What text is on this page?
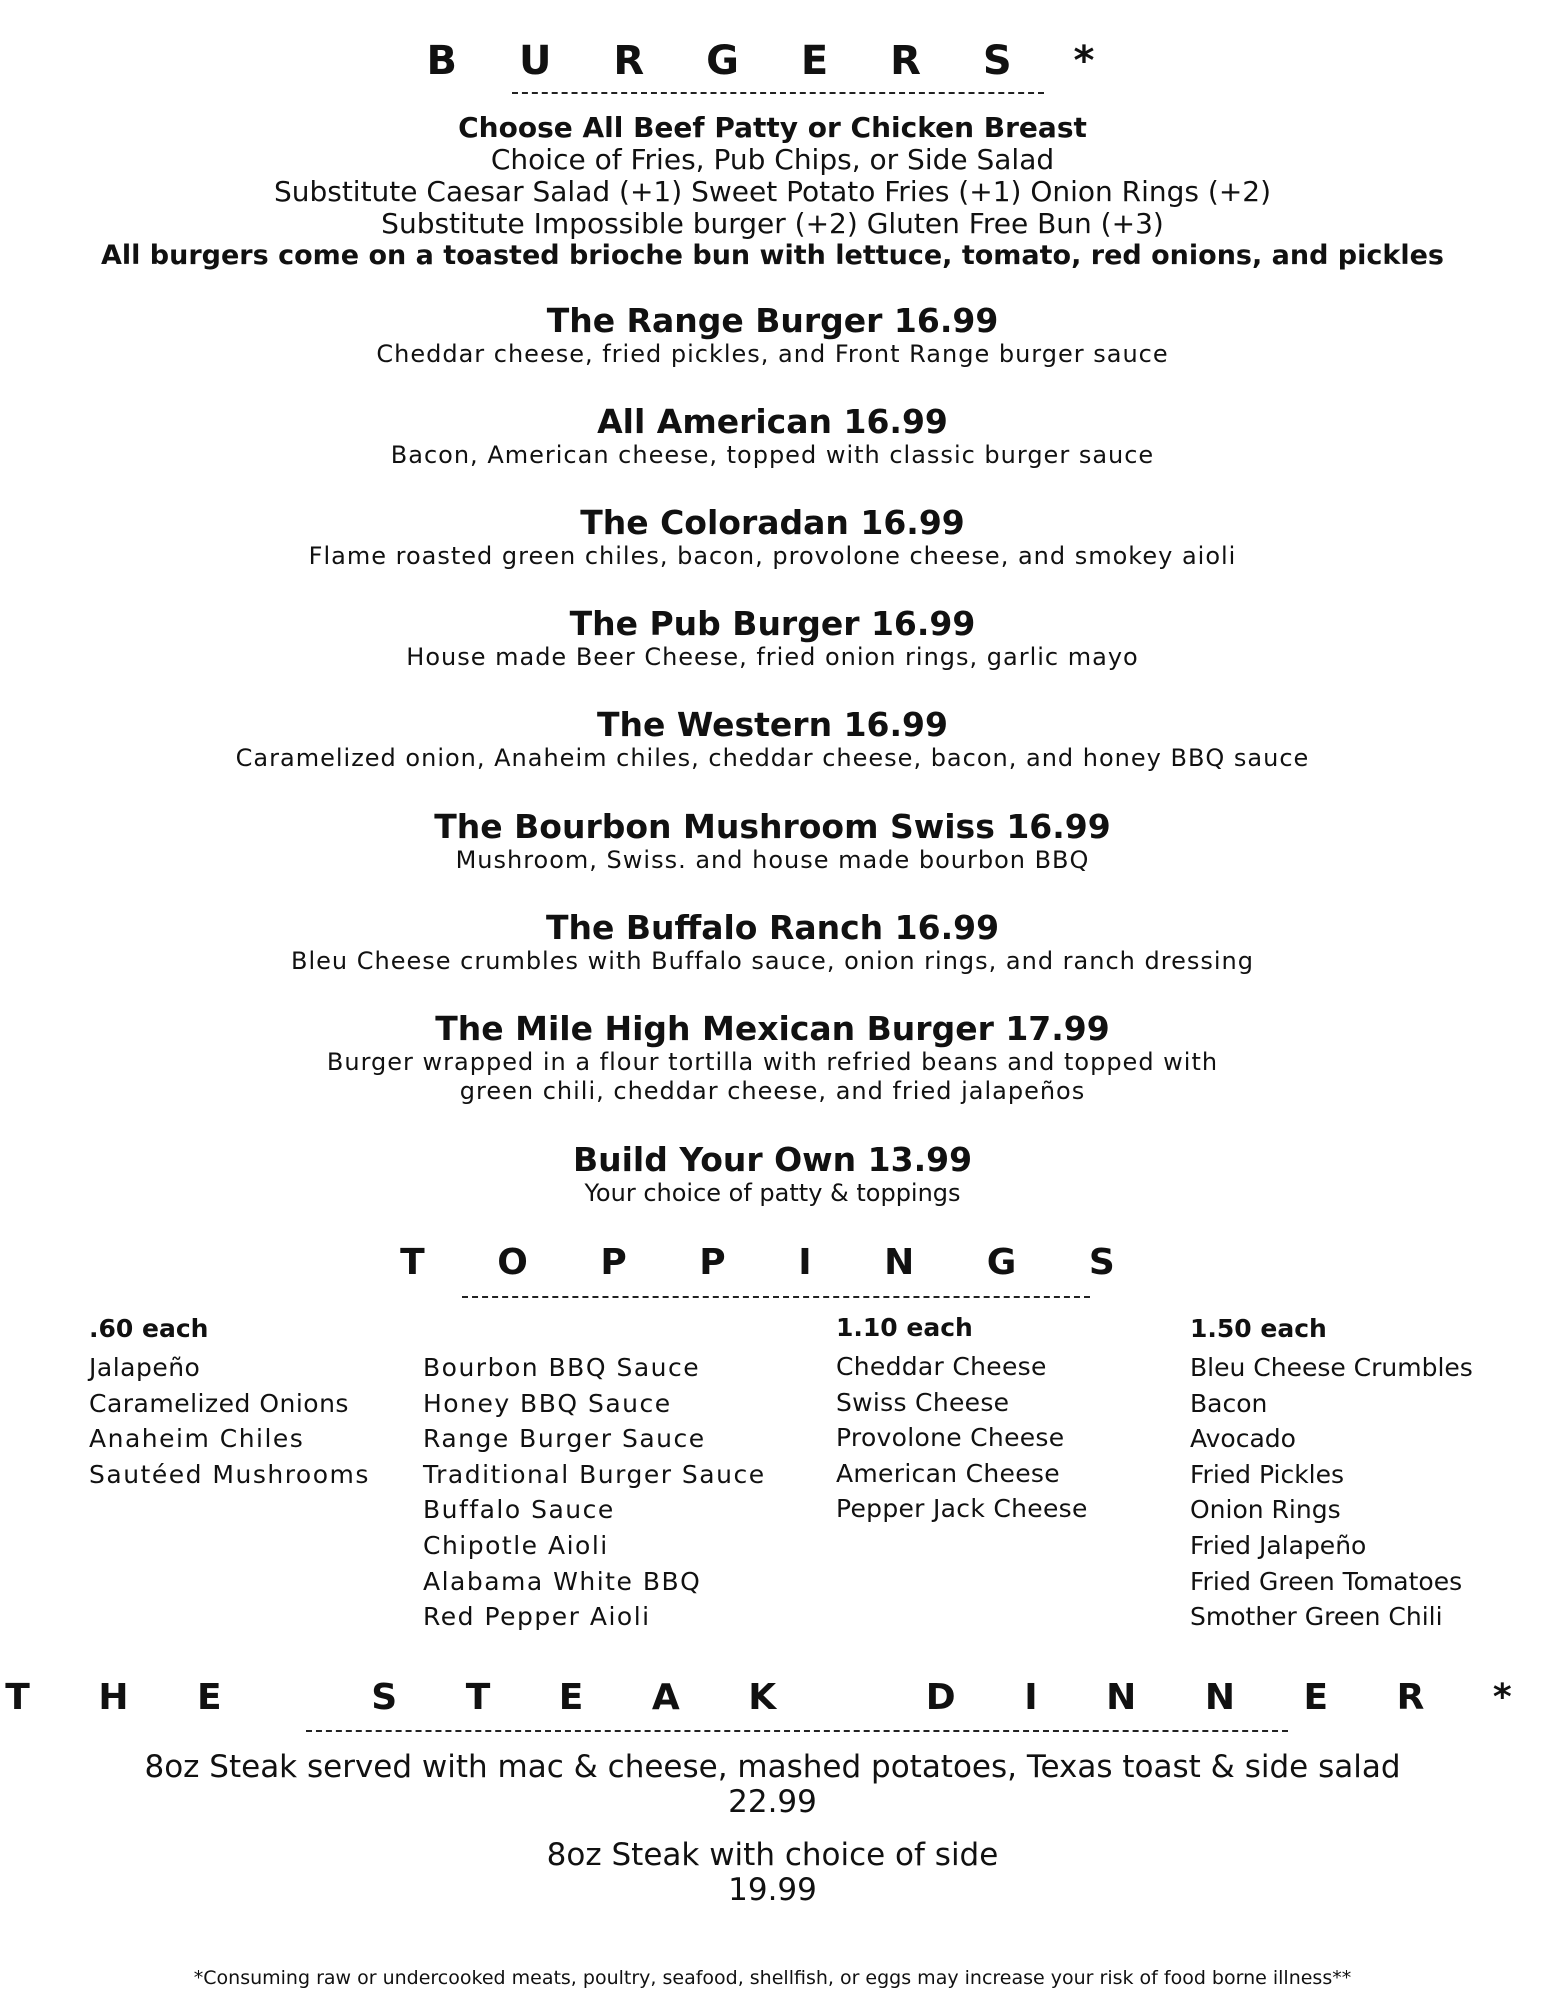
B U R G E R S *
Choose All Beef Patty or Chicken Breast
Choice of Fries, Pub Chips, or Side Salad
Substitute Caesar Salad (+1) Sweet Potato Fries (+1) Onion Rings (+2)
Substitute Impossible burger (+2) Gluten Free Bun (+3)
All burgers come on a toasted brioche bun with lettuce, tomato, red onions, and pickles
The Range Burger 16.99
Cheddar cheese, fried pickles, and Front Range burger sauce
All American 16.99
Bacon, American cheese, topped with classic burger sauce
The Coloradan 16.99
Flame roasted green chiles, bacon, provolone cheese, and smokey aioli
The Pub Burger 16.99
House made Beer Cheese, fried onion rings, garlic mayo
The Western 16.99
Caramelized onion, Anaheim chiles, cheddar cheese, bacon, and honey BBQ sauce
The Bourbon Mushroom Swiss 16.99
Mushroom, Swiss. and house made bourbon BBQ
The Buffalo Ranch 16.99
Bleu Cheese crumbles with Buffalo sauce, onion rings, and ranch dressing
The Mile High Mexican Burger 17.99
Burger wrapped in a flour tortilla with refried beans and topped with
green chili, cheddar cheese, and fried jalapeños
Build Your Own 13.99
Your choice of patty & toppings
T O P P I N G S
.60 each
Jalapeño
Caramelized Onions
Anaheim Chiles
Sautéed Mushrooms
Bourbon BBQ Sauce
Honey BBQ Sauce
Range Burger Sauce
Traditional Burger Sauce
Buffalo Sauce
Chipotle Aioli
Alabama White BBQ
Red Pepper Aioli
1.10 each
Cheddar Cheese
Swiss Cheese
Provolone Cheese
American Cheese
Pepper Jack Cheese
1.50 each
Bleu Cheese Crumbles
Bacon
Avocado
Fried Pickles
Onion Rings
Fried Jalapeño
Fried Green Tomatoes
Smother Green Chili
T H E   S T E A K   D I N N E R *
8oz Steak served with mac & cheese, mashed potatoes, Texas toast & side salad
22.99
8oz Steak with choice of side
19.99
*Consuming raw or undercooked meats, poultry, seafood, shellfish, or eggs may increase your risk of food borne illness**
